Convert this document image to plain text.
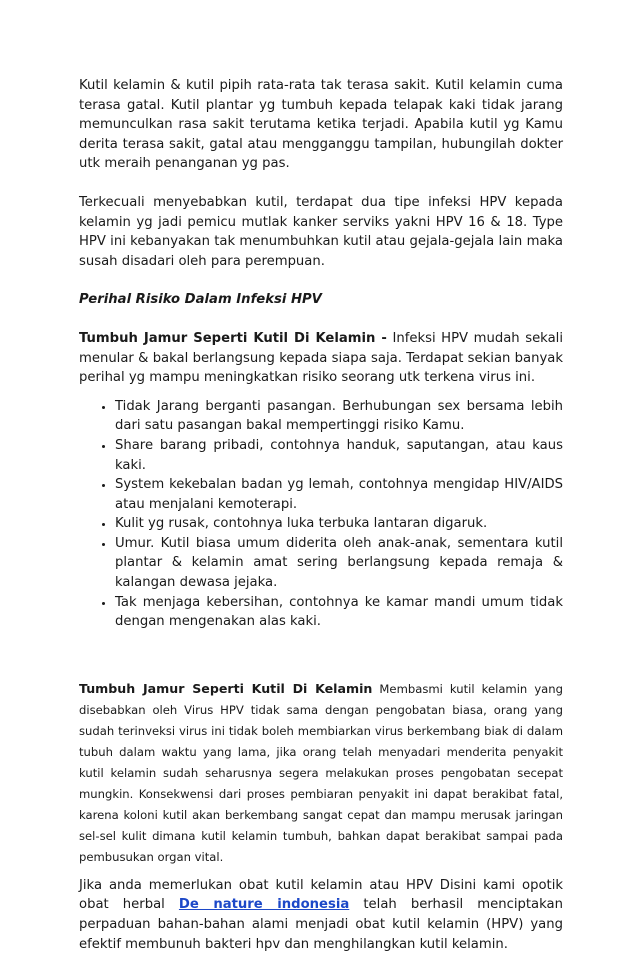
Kutil kelamin & kutil pipih rata-rata tak terasa sakit. Kutil kelamin cuma terasa gatal. Kutil plantar yg tumbuh kepada telapak kaki tidak jarang memunculkan rasa sakit terutama ketika terjadi. Apabila kutil yg Kamu derita terasa sakit, gatal atau mengganggu tampilan, hubungilah dokter utk meraih penanganan yg pas.

Terkecuali menyebabkan kutil, terdapat dua tipe infeksi HPV kepada kelamin yg jadi pemicu mutlak kanker serviks yakni HPV 16 & 18. Type HPV ini kebanyakan tak menumbuhkan kutil atau gejala-gejala lain maka susah disadari oleh para perempuan.

Perihal Risiko Dalam Infeksi HPV

Tumbuh Jamur Seperti Kutil Di Kelamin - Infeksi HPV mudah sekali menular & bakal berlangsung kepada siapa saja. Terdapat sekian banyak perihal yg mampu meningkatkan risiko seorang utk terkena virus ini.

• Tidak Jarang berganti pasangan. Berhubungan sex bersama lebih dari satu pasangan bakal mempertinggi risiko Kamu.
• Share barang pribadi, contohnya handuk, saputangan, atau kaus kaki.
• System kekebalan badan yg lemah, contohnya mengidap HIV/AIDS atau menjalani kemoterapi.
• Kulit yg rusak, contohnya luka terbuka lantaran digaruk.
• Umur. Kutil biasa umum diderita oleh anak-anak, sementara kutil plantar & kelamin amat sering berlangsung kepada remaja & kalangan dewasa jejaka.
• Tak menjaga kebersihan, contohnya ke kamar mandi umum tidak dengan mengenakan alas kaki.

Tumbuh Jamur Seperti Kutil Di Kelamin Membasmi kutil kelamin yang disebabkan oleh Virus HPV tidak sama dengan pengobatan biasa, orang yang sudah terinveksi virus ini tidak boleh membiarkan virus berkembang biak di dalam tubuh dalam waktu yang lama, jika orang telah menyadari menderita penyakit kutil kelamin sudah seharusnya segera melakukan proses pengobatan secepat mungkin. Konsekwensi dari proses pembiaran penyakit ini dapat berakibat fatal, karena koloni kutil akan berkembang sangat cepat dan mampu merusak jaringan sel-sel kulit dimana kutil kelamin tumbuh, bahkan dapat berakibat sampai pada pembusukan organ vital.

Jika anda memerlukan obat kutil kelamin atau HPV Disini kami opotik obat herbal De nature indonesia telah berhasil menciptakan perpaduan bahan-bahan alami menjadi obat kutil kelamin (HPV) yang efektif membunuh bakteri hpv dan menghilangkan kutil kelamin.
